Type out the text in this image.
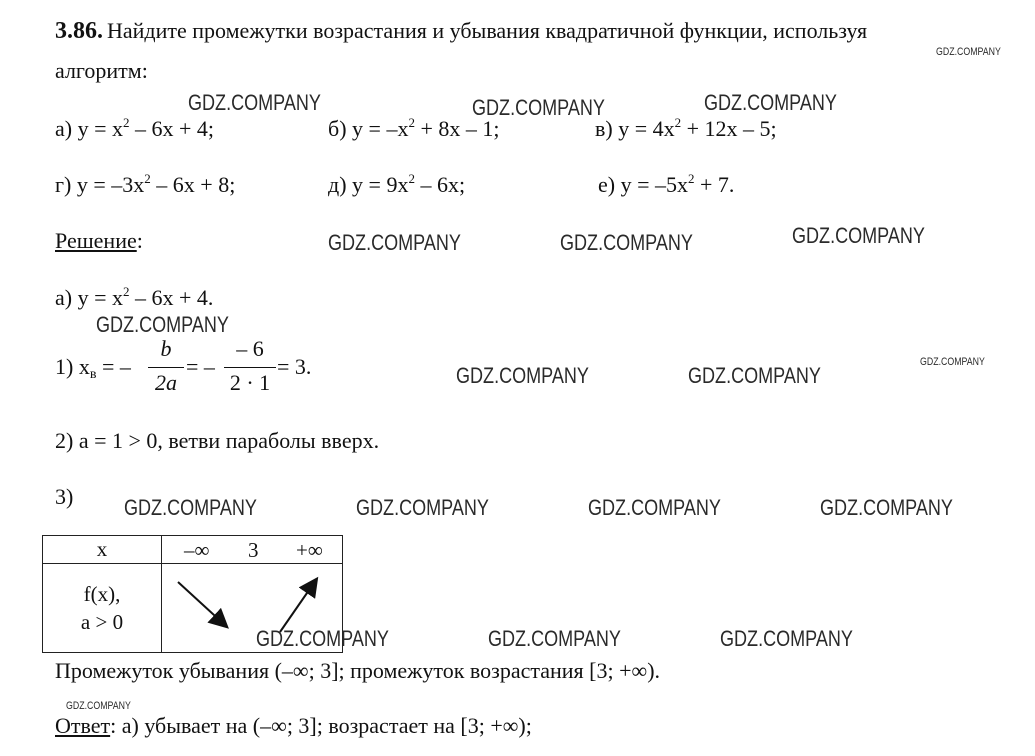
3.86. Найдите промежутки возрастания и убывания квадратичной функции, используя
алгоритм:
а) $y = x^2 - 6x + 4$;	б) $y = -x^2 + 8x - 1$;	в) $y = 4x^2 + 12x - 5$;
г) $y = -3x^2 - 6x + 8$;	д) $y = 9x^2 - 6x$;	е) $y = -5x^2 + 7$.
Решение:
а) $y = x^2 - 6x + 4$.
1) $x_в$ = –
b
2a
= –
– 6
2 · 1
= 3.
2) a = 1 > 0, ветви параболы вверх.
3)
x	–∞ 3 +∞

f(x),
a > 0

Промежуток убывания (–∞; 3]; промежуток возрастания [3; +∞).
Ответ: а) убывает на (–∞; 3]; возрастает на [3; +∞);
GDZ.COMPANY
GDZ.COMPANY	GDZ.COMPANY	GDZ.COMPANY
GDZ.COMPANY	GDZ.COMPANY	GDZ.COMPANY
GDZ.COMPANY
GDZ.COMPANY
GDZ.COMPANY	GDZ.COMPANY
GDZ.COMPANY	GDZ.COMPANY	GDZ.COMPANY	GDZ.COMPANY
GDZ.COMPANY	GDZ.COMPANY	GDZ.COMPANY
GDZ.COMPANY
